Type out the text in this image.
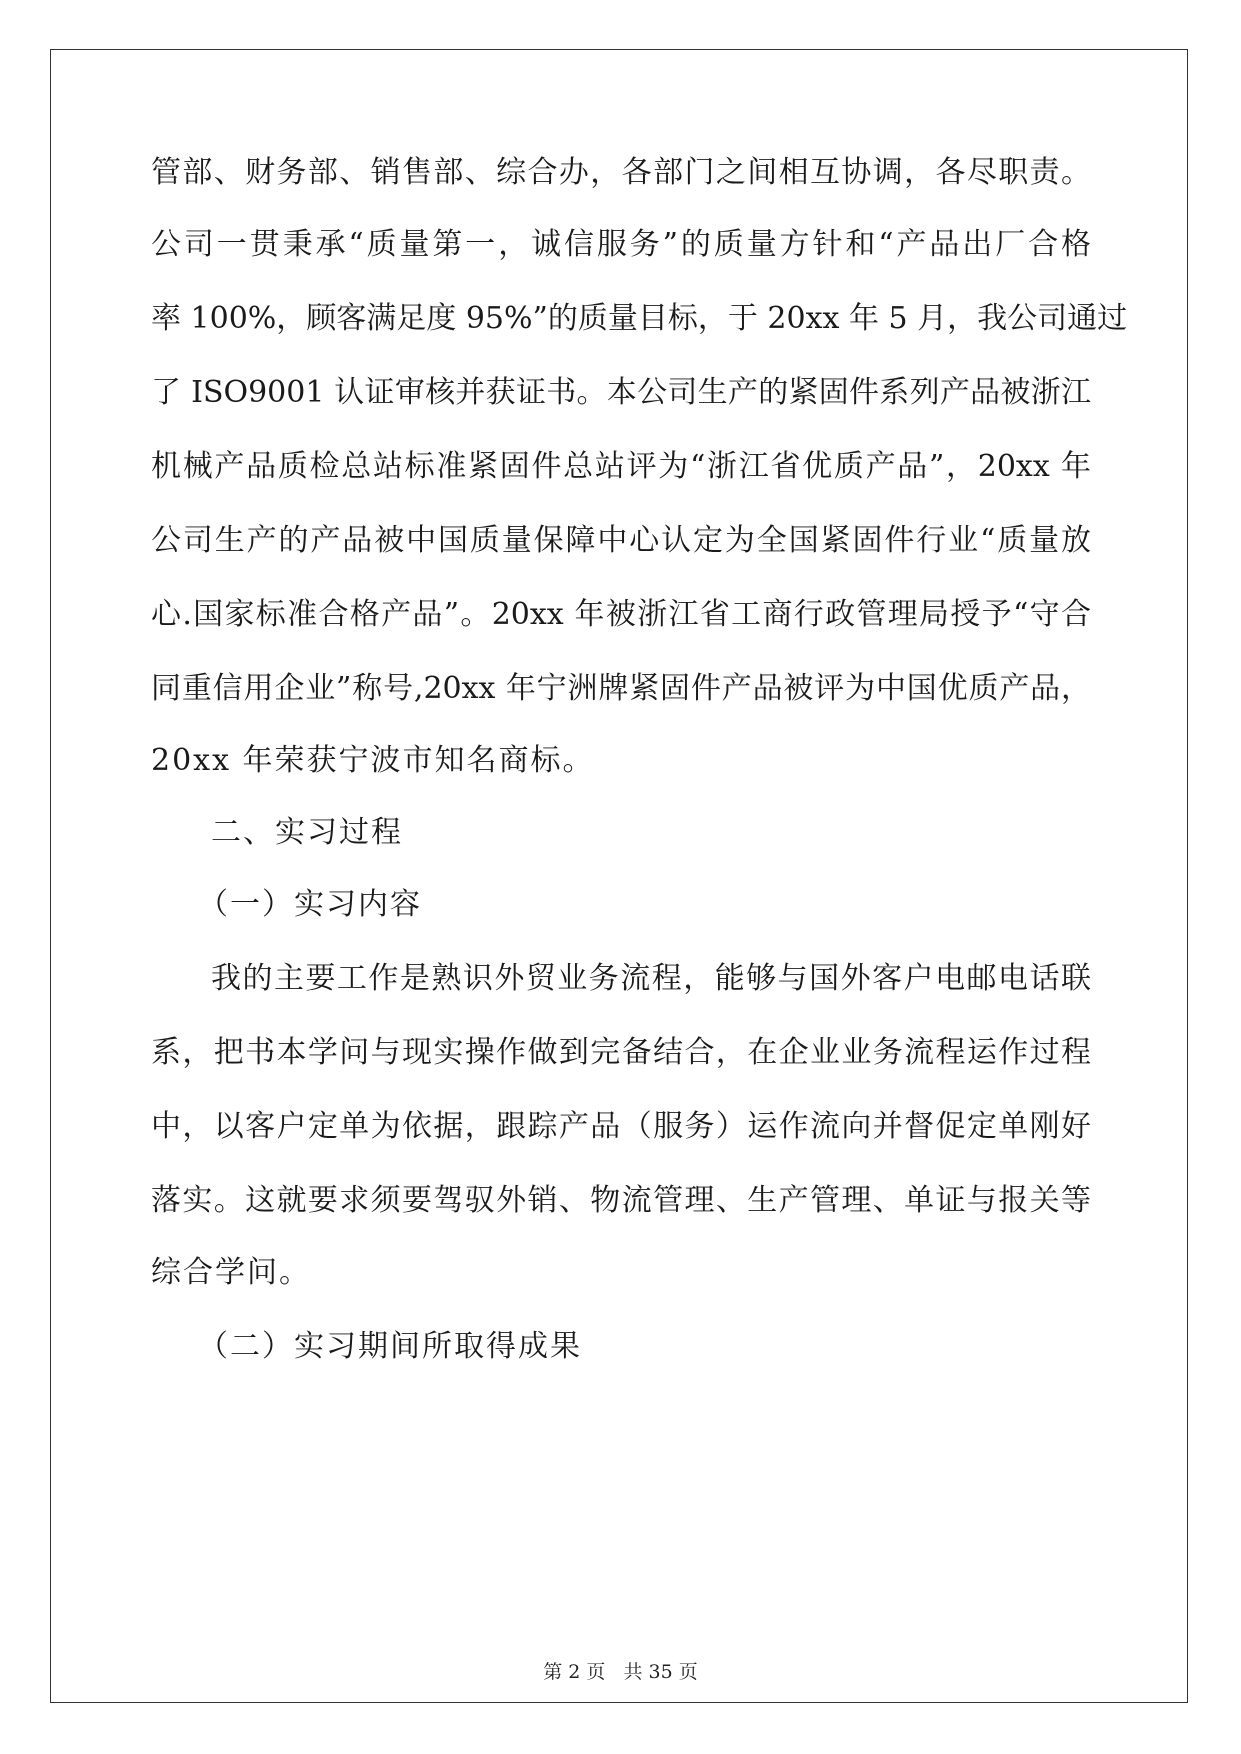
管部、财务部、销售部、综合办，各部门之间相互协调，各尽职责。
公司一贯秉承“质量第一，诚信服务”的质量方针和“产品出厂合格
率 100%，顾客满足度 95%”的质量目标，于 20xx 年 5 月，我公司通过
了 ISO9001 认证审核并获证书。本公司生产的紧固件系列产品被浙江
机械产品质检总站标准紧固件总站评为“浙江省优质产品”，20xx 年
公司生产的产品被中国质量保障中心认定为全国紧固件行业“质量放
心.国家标准合格产品”。20xx 年被浙江省工商行政管理局授予“守合
同重信用企业”称号,20xx 年宁洲牌紧固件产品被评为中国优质产品，
20xx 年荣获宁波市知名商标。
二、实习过程
（一）实习内容
我的主要工作是熟识外贸业务流程，能够与国外客户电邮电话联
系，把书本学问与现实操作做到完备结合，在企业业务流程运作过程
中，以客户定单为依据，跟踪产品（服务）运作流向并督促定单刚好
落实。这就要求须要驾驭外销、物流管理、生产管理、单证与报关等
综合学问。
（二）实习期间所取得成果
第 2 页 共 35 页
